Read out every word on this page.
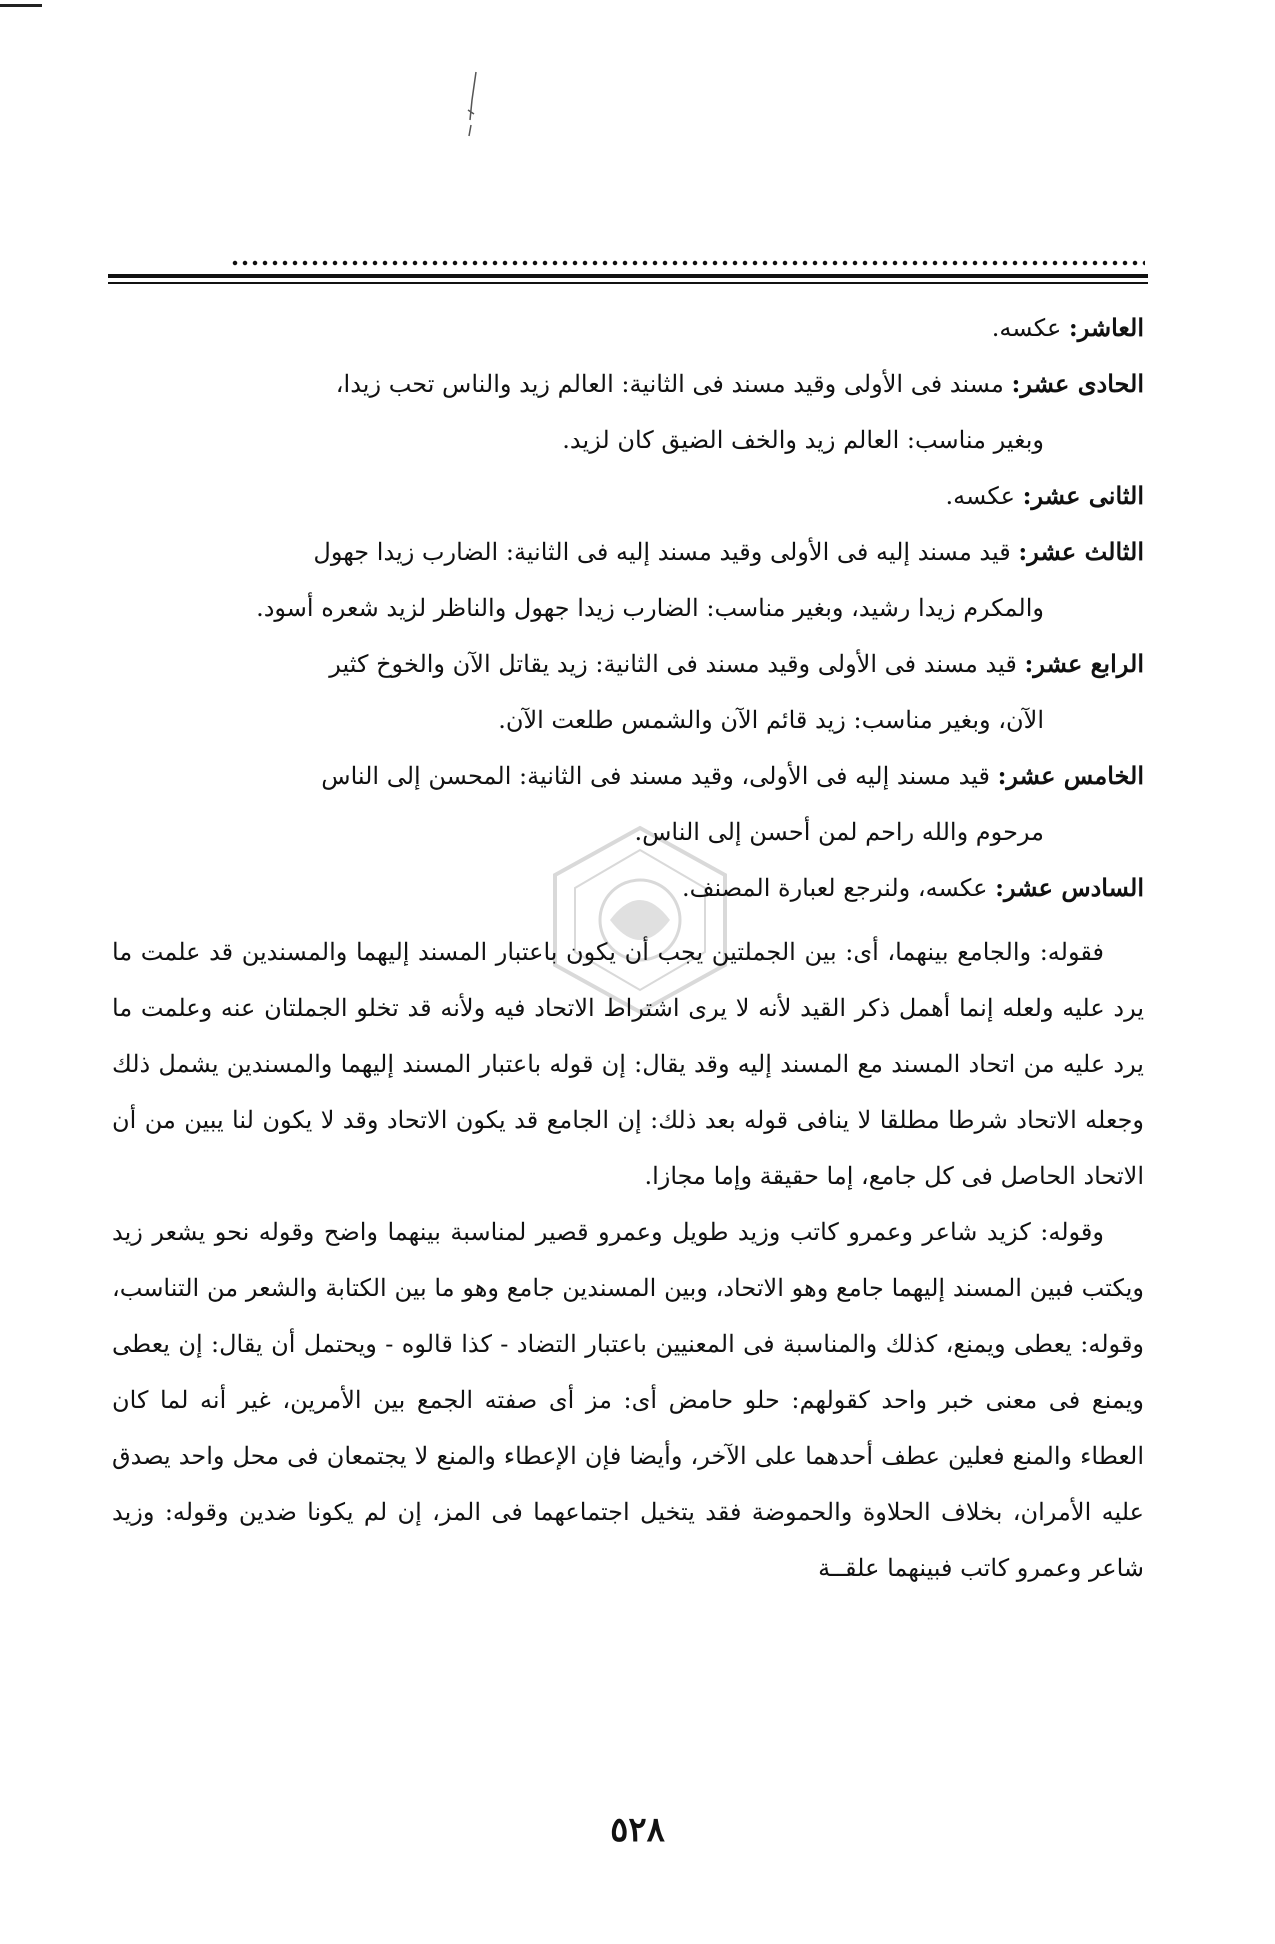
العاشر: عكسه.
الحادى عشر: مسند فى الأولى وقيد مسند فى الثانية: العالم زيد والناس تحب زيدا،
وبغير مناسب: العالم زيد والخف الضيق كان لزيد.
الثانى عشر: عكسه.
الثالث عشر: قيد مسند إليه فى الأولى وقيد مسند إليه فى الثانية: الضارب زيدا جهول
والمكرم زيدا رشيد، وبغير مناسب: الضارب زيدا جهول والناظر لزيد شعره أسود.
الرابع عشر: قيد مسند فى الأولى وقيد مسند فى الثانية: زيد يقاتل الآن والخوخ كثير
الآن، وبغير مناسب: زيد قائم الآن والشمس طلعت الآن.
الخامس عشر: قيد مسند إليه فى الأولى، وقيد مسند فى الثانية: المحسن إلى الناس
مرحوم والله راحم لمن أحسن إلى الناس.
السادس عشر: عكسه، ولنرجع لعبارة المصنف.

فقوله: والجامع بينهما، أى: بين الجملتين يجب أن يكون باعتبار المسند إليهما والمسندين قد علمت ما يرد عليه ولعله إنما أهمل ذكر القيد لأنه لا يرى اشتراط الاتحاد فيه ولأنه قد تخلو الجملتان عنه وعلمت ما يرد عليه من اتحاد المسند مع المسند إليه وقد يقال: إن قوله باعتبار المسند إليهما والمسندين يشمل ذلك وجعله الاتحاد شرطا مطلقا لا ينافى قوله بعد ذلك: إن الجامع قد يكون الاتحاد وقد لا يكون لنا يبين من أن الاتحاد الحاصل فى كل جامع، إما حقيقة وإما مجازا.

وقوله: كزيد شاعر وعمرو كاتب وزيد طويل وعمرو قصير لمناسبة بينهما واضح وقوله نحو يشعر زيد ويكتب فبين المسند إليهما جامع وهو الاتحاد، وبين المسندين جامع وهو ما بين الكتابة والشعر من التناسب، وقوله: يعطى ويمنع، كذلك والمناسبة فى المعنيين باعتبار التضاد - كذا قالوه - ويحتمل أن يقال: إن يعطى ويمنع فى معنى خبر واحد كقولهم: حلو حامض أى: مز أى صفته الجمع بين الأمرين، غير أنه لما كان العطاء والمنع فعلين عطف أحدهما على الآخر، وأيضا فإن الإعطاء والمنع لا يجتمعان فى محل واحد يصدق عليه الأمران، بخلاف الحلاوة والحموضة فقد يتخيل اجتماعهما فى المز، إن لم يكونا ضدين وقوله: وزيد شاعر وعمرو كاتب فبينهما علقــة

٥٢٨
